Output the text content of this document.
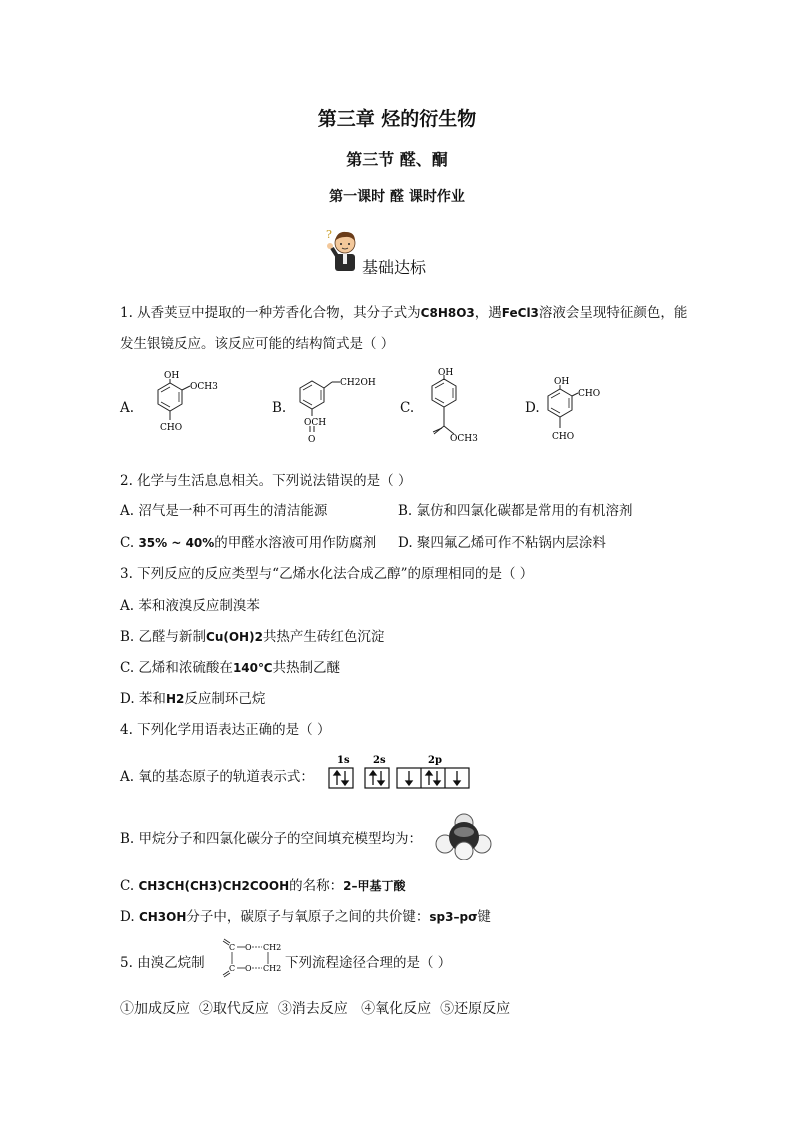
第三章 烃的衍生物
第三节 醛、酮
第一课时 醛 课时作业
?
基础达标
1. 从香荚豆中提取的一种芳香化合物，其分子式为C8H8O3，遇FeCl3溶液会呈现特征颜色，能
发生银镜反应。该反应可能的结构简式是（ ）
A.	B.	C.	D.
OH
OCH3
CHO
CH2OH
OCH
O
OH
OCH3
OH
CHO
CHO
2. 化学与生活息息相关。下列说法错误的是（ ）
A. 沼气是一种不可再生的清洁能源	B. 氯仿和四氯化碳都是常用的有机溶剂
C. 35% ~ 40%的甲醛水溶液可用作防腐剂 D. 聚四氟乙烯可作不粘锅内层涂料
3. 下列反应的反应类型与“乙烯水化法合成乙醇”的原理相同的是（ ）
A. 苯和液溴反应制溴苯
B. 乙醛与新制Cu(OH)2共热产生砖红色沉淀
C. 乙烯和浓硫酸在140℃共热制乙醚
D. 苯和H2反应制环己烷
4. 下列化学用语表达正确的是（ ）
A. 氧的基态原子的轨道表示式：
1s 2s	2p
B. 甲烷分子和四氯化碳分子的空间填充模型均为：
C. CH3CH(CH3)CH2COOH的名称：2–甲基丁酸
D. CH3OH分子中，碳原子与氧原子之间的共价键：sp3–pσ键
5. 由溴乙烷制
C
C
O
O
CH2
CH2 下列流程途径合理的是（ ）
①加成反应 ②取代反应 ③消去反应 ④氧化反应 ⑤还原反应
